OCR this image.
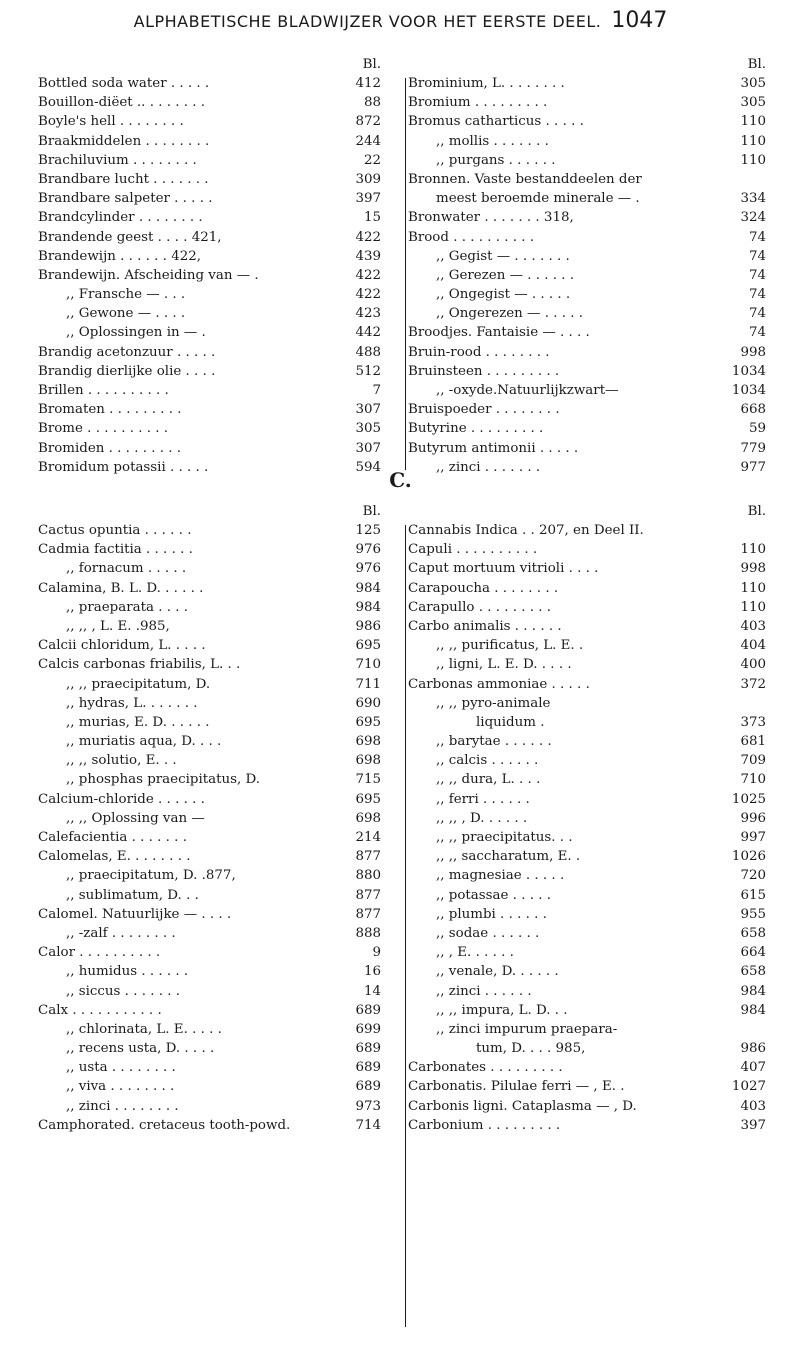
ALPHABETISCHE BLADWIJZER VOOR HET EERSTE DEEL. 1047
Bl.
Bottled soda water . . . . .	412
Bouillon-diëet .. . . . . . . .	88
Boyle's hell . . . . . . . .	872
Braakmiddelen . . . . . . . .	244
Brachiluvium . . . . . . . .	22
Brandbare lucht . . . . . . .	309
Brandbare salpeter . . . . .	397
Brandcylinder . . . . . . . .	15
Brandende geest . . . . 421,	422
Brandewijn . . . . . . 422,	439
Brandewijn. Afscheiding van — .	422
,, Fransche — . . .	422
,, Gewone — . . . .	423
,, Oplossingen in — .	442
Brandig acetonzuur . . . . .	488
Brandig dierlijke olie . . . .	512
Brillen . . . . . . . . . .	7
Bromaten . . . . . . . . .	307
Brome . . . . . . . . . .	305
Bromiden . . . . . . . . .	307
Bromidum potassii . . . . .	594
Bl.
Brominium, L. . . . . . . .	305
Bromium . . . . . . . . .	305
Bromus catharticus . . . . .	110
,, mollis . . . . . . .	110
,, purgans . . . . . .	110
Bronnen. Vaste bestanddeelen der
meest beroemde minerale — .	334
Bronwater . . . . . . . 318,	324
Brood . . . . . . . . . .	74
,, Gegist — . . . . . . .	74
,, Gerezen — . . . . . .	74
,, Ongegist — . . . . .	74
,, Ongerezen — . . . . .	74
Broodjes. Fantaisie — . . . .	74
Bruin-rood . . . . . . . .	998
Bruinsteen . . . . . . . . .	1034
,, -oxyde.Natuurlijkzwart—	1034
Bruispoeder . . . . . . . .	668
Butyrine . . . . . . . . .	59
Butyrum antimonii . . . . .	779
,, zinci . . . . . . .	977
C.
Bl.
Cactus opuntia . . . . . .	125
Cadmia factitia . . . . . .	976
,, fornacum . . . . .	976
Calamina, B. L. D. . . . . .	984
,, praeparata . . . .	984
,, ,, , L. E. .985,	986
Calcii chloridum, L. . . . .	695
Calcis carbonas friabilis, L. . .	710
,, ,, praecipitatum, D.	711
,, hydras, L. . . . . . .	690
,, murias, E. D. . . . . .	695
,, muriatis aqua, D. . . .	698
,, ,, solutio, E. . .	698
,, phosphas praecipitatus, D.	715
Calcium-chloride . . . . . .	695
,, ,, Oplossing van —	698
Calefacientia . . . . . . .	214
Calomelas, E. . . . . . . .	877
,, praecipitatum, D. .877,	880
,, sublimatum, D. . .	877
Calomel. Natuurlijke — . . . .	877
,, -zalf . . . . . . . .	888
Calor . . . . . . . . . .	9
,, humidus . . . . . .	16
,, siccus . . . . . . .	14
Calx . . . . . . . . . . .	689
,, chlorinata, L. E. . . . .	699
,, recens usta, D. . . . .	689
,, usta . . . . . . . .	689
,, viva . . . . . . . .	689
,, zinci . . . . . . . .	973
Camphorated. cretaceus tooth-powd.	714
Bl.
Cannabis Indica . . 207, en Deel II.
Capuli . . . . . . . . . .	110
Caput mortuum vitrioli . . . .	998
Carapoucha . . . . . . . .	110
Carapullo . . . . . . . . .	110
Carbo animalis . . . . . .	403
,, ,, purificatus, L. E. .	404
,, ligni, L. E. D. . . . .	400
Carbonas ammoniae . . . . .	372
,, ,, pyro-animale
liquidum .	373
,, barytae . . . . . .	681
,, calcis . . . . . .	709
,, ,, dura, L. . . .	710
,, ferri . . . . . .	1025
,, ,, , D. . . . . .	996
,, ,, praecipitatus. . .	997
,, ,, saccharatum, E. .	1026
,, magnesiae . . . . .	720
,, potassae . . . . .	615
,, plumbi . . . . . .	955
,, sodae . . . . . .	658
,, , E. . . . . .	664
,, venale, D. . . . . .	658
,, zinci . . . . . .	984
,, ,, impura, L. D. . .	984
,, zinci impurum praepara-
tum, D. . . . 985,	986
Carbonates . . . . . . . . .	407
Carbonatis. Pilulae ferri — , E. .	1027
Carbonis ligni. Cataplasma — , D.	403
Carbonium . . . . . . . . .	397
